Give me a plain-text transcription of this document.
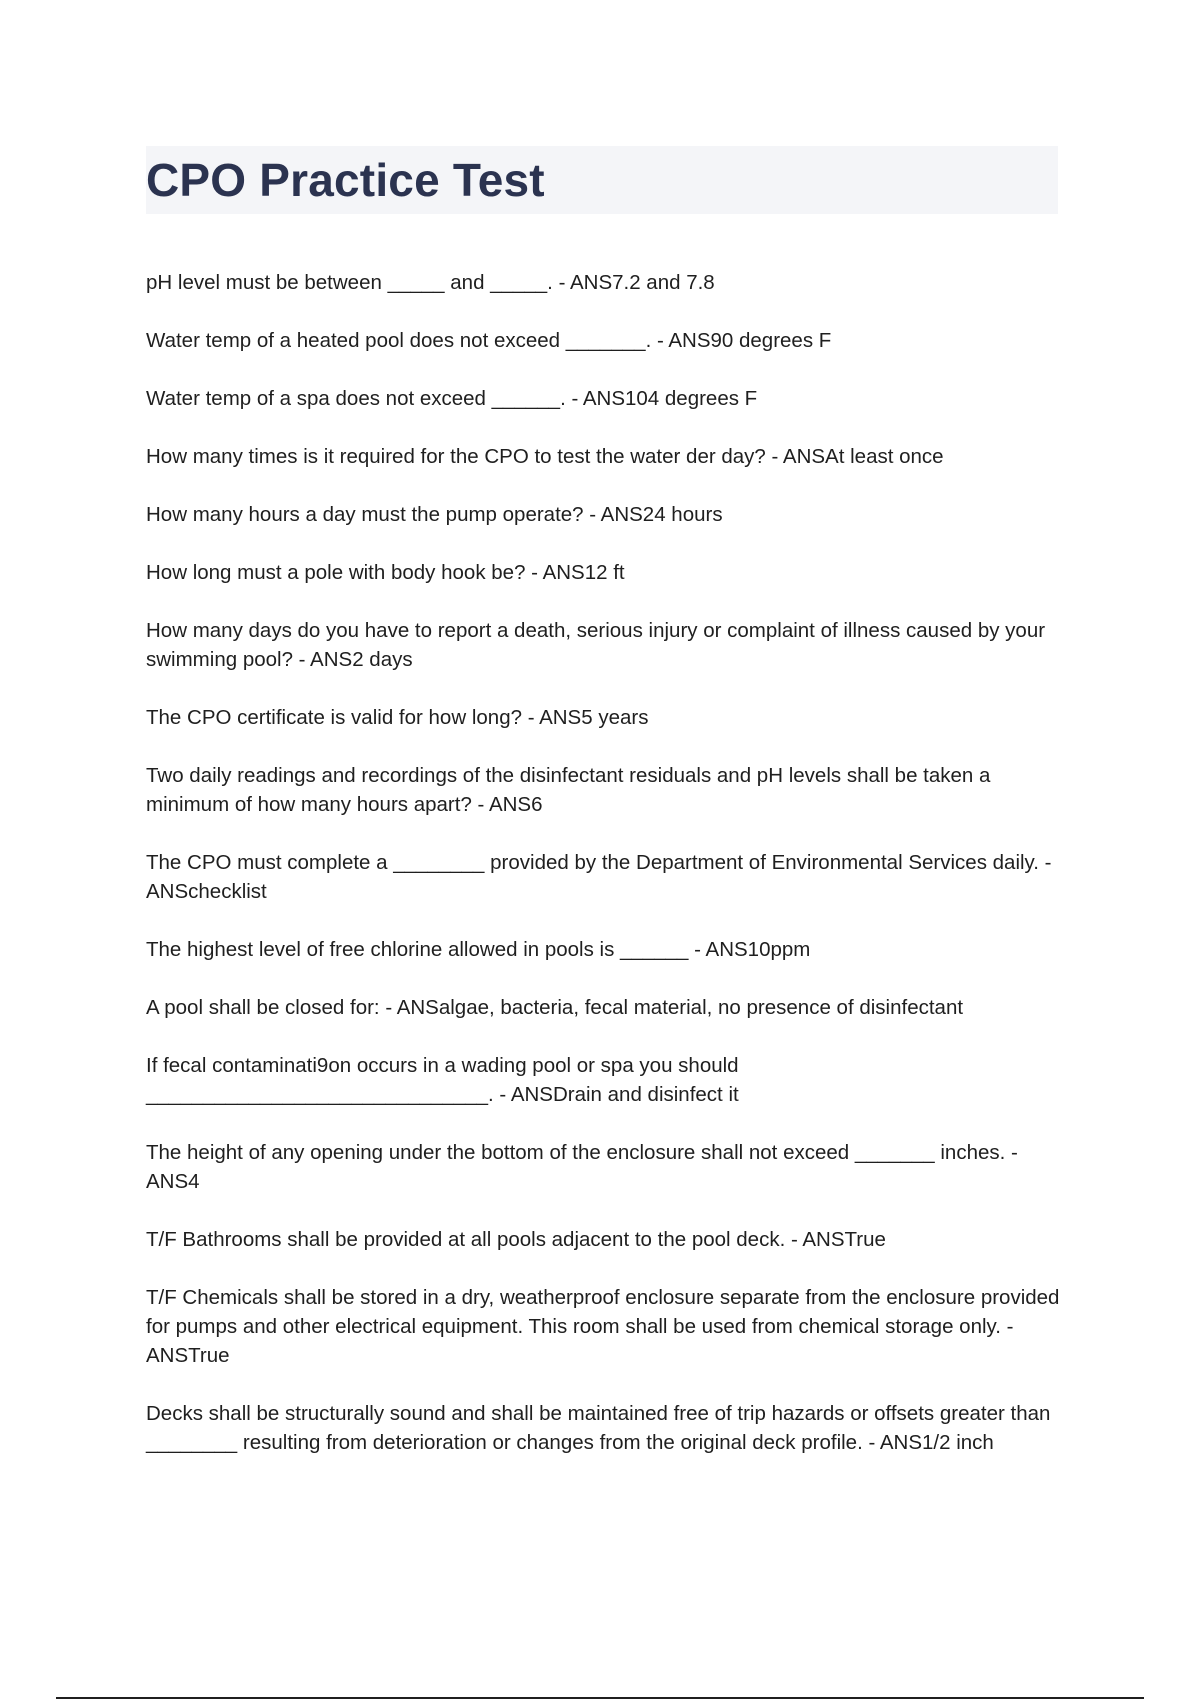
CPO Practice Test
pH level must be between _____ and _____. - ANS7.2 and 7.8
Water temp of a heated pool does not exceed _______. - ANS90 degrees F
Water temp of a spa does not exceed ______. - ANS104 degrees F
How many times is it required for the CPO to test the water der day? - ANSAt least once
How many hours a day must the pump operate? - ANS24 hours
How long must a pole with body hook be? - ANS12 ft
How many days do you have to report a death, serious injury or complaint of illness caused by your swimming pool? - ANS2 days
The CPO certificate is valid for how long? - ANS5 years
Two daily readings and recordings of the disinfectant residuals and pH levels shall be taken a minimum of how many hours apart? - ANS6
The CPO must complete a ________ provided by the Department of Environmental Services daily. - ANSchecklist
The highest level of free chlorine allowed in pools is ______ - ANS10ppm
A pool shall be closed for: - ANSalgae, bacteria, fecal material, no presence of disinfectant
If fecal contaminati9on occurs in a wading pool or spa you should ______________________________. - ANSDrain and disinfect it
The height of any opening under the bottom of the enclosure shall not exceed _______ inches. - ANS4
T/F Bathrooms shall be provided at all pools adjacent to the pool deck. - ANSTrue
T/F Chemicals shall be stored in a dry, weatherproof enclosure separate from the enclosure provided for pumps and other electrical equipment. This room shall be used from chemical storage only. - ANSTrue
Decks shall be structurally sound and shall be maintained free of trip hazards or offsets greater than ________ resulting from deterioration or changes from the original deck profile. - ANS1/2 inch
